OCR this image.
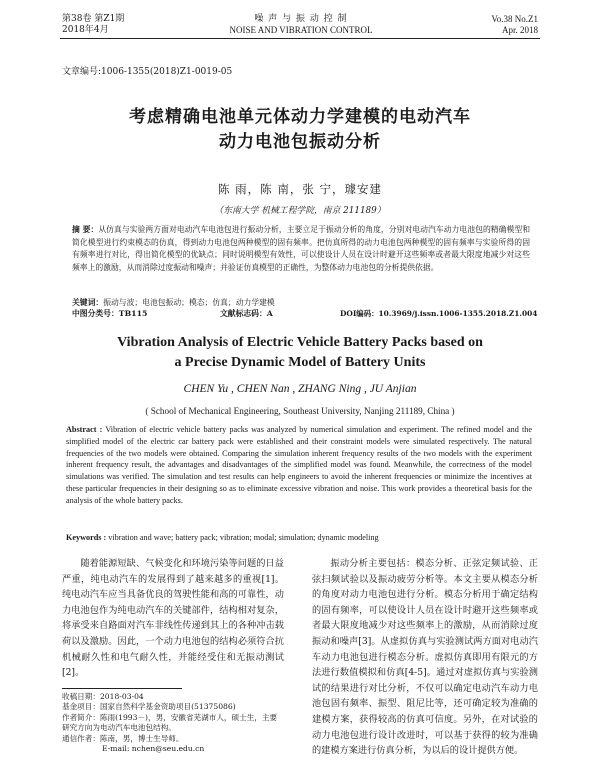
第38卷 第Z1期
2018年4月
噪 声 与 振 动 控 制
NOISE AND VIBRATION CONTROL
Vo.38 No.Z1
Apr. 2018
文章编号:1006-1355(2018)Z1-0019-05
考虑精确电池单元体动力学建模的电动汽车
动力电池包振动分析
陈 雨，陈 南，张 宁，璩安建
（东南大学 机械工程学院，南京 211189）
摘 要：从仿真与实验两方面对电动汽车电池包进行振动分析，主要立足于振动分析的角度，分别对电动汽车动力电池包的精确模型和简化模型进行约束模态的仿真，得到动力电池包两种模型的固有频率。把仿真所得的动力电池包两种模型的固有频率与实验所得的固有频率进行对比，得出简化模型的优缺点；同时说明模型有效性，可以使设计人员在设计时避开这些频率或者最大限度地减少对这些频率上的激励，从而消除过度振动和噪声；并验证仿真模型的正确性，为整体动力电池包的分析提供依据。
关键词：振动与波；电池包振动；模态；仿真；动力学建模
中图分类号：TB115	文献标志码：A	DOI编码：10.3969/j.issn.1006-1355.2018.Z1.004
Vibration Analysis of Electric Vehicle Battery Packs based on
a Precise Dynamic Model of Battery Units
CHEN Yu , CHEN Nan , ZHANG Ning , JU Anjian
( School of Mechanical Engineering, Southeast University, Nanjing 211189, China )
Abstract : Vibration of electric vehicle battery packs was analyzed by numerical simulation and experiment. The refined model and the simplified model of the electric car battery pack were established and their constraint models were simulated respectively. The natural frequencies of the two models were obtained. Comparing the simulation inherent frequency results of the two models with the experiment inherent frequency result, the advantages and disadvantages of the simplified model was found. Meanwhile, the correctness of the model simulations was verified. The simulation and test results can help engineers to avoid the inherent frequencies or minimize the incentives at these particular frequencies in their designing so as to eliminate excessive vibration and noise. This work provides a theoretical basis for the analysis of the whole battery packs.
Keywords : vibration and wave; battery pack; vibration; modal; simulation; dynamic modeling
随着能源短缺、气候变化和环境污染等问题的日益严重，纯电动汽车的发展得到了越来越多的重视[1]。纯电动汽车应当具备优良的驾驶性能和高的可靠性，动力电池包作为纯电动汽车的关键部件，结构相对复杂，将承受来自路面对汽车非线性传递到其上的各种冲击载荷以及激励。因此，一个动力电池包的结构必须符合抗机械耐久性和电气耐久性，并能经受住和无振动测试[2]。
振动分析主要包括：模态分析、正弦定频试验、正弦扫频试验以及振动疲劳分析等。本文主要从模态分析的角度对动力电池包进行分析。模态分析用于确定结构的固有频率，可以使设计人员在设计时避开这些频率或者最大限度地减少对这些频率上的激励，从而消除过度振动和噪声[3]。从虚拟仿真与实验测试两方面对电动汽车动力电池包进行模态分析。虚拟仿真即用有限元的方法进行数值模拟和仿真[4-5]。通过对虚拟仿真与实验测试的结果进行对比分析，不仅可以确定电动汽车动力电池包固有频率、振型、阻尼比等，还可确定较为准确的建模方案，获得较高的仿真可信度。另外，在对试验的动力电池包进行设计改进时，可以基于获得的较为准确的建模方案进行仿真分析，为以后的设计提供方便。
收稿日期：2018-03-04
基金项目：国家自然科学基金资助项目(51375086)
作者简介：陈雨(1993－)，男，安徽省芜湖市人，硕士生，主要研究方向为电动汽车电池包结构。
通信作者：陈南，男，博士生导师。
E-mail: nchen@seu.edu.cn
